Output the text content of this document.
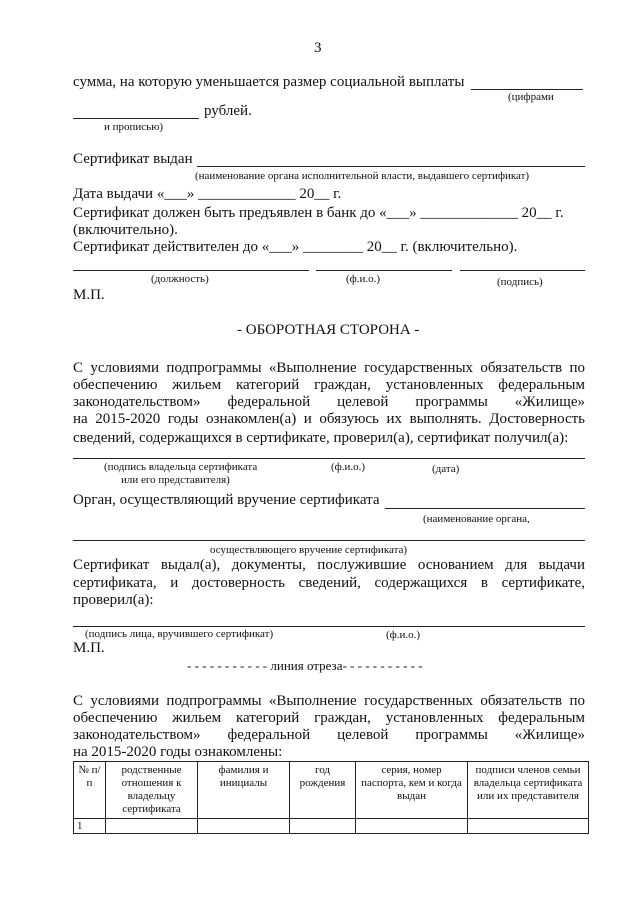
3
сумма, на которую уменьшается размер социальной выплаты
(цифрами
рублей.
и прописью)
Сертификат выдан
(наименование органа исполнительной власти, выдавшего сертификат)
Дата выдачи «___» _____________ 20__ г.
Сертификат должен быть предъявлен в банк до «___» _____________ 20__ г.
(включительно).
Сертификат действителен до «___» ________ 20__ г. (включительно).
(должность)	(ф.и.о.)	(подпись)
М.П.
- ОБОРОТНАЯ СТОРОНА -
С условиями подпрограммы «Выполнение государственных обязательств по
обеспечению жильем категорий граждан, установленных федеральным
законодательством» федеральной целевой программы «Жилище»
на 2015-2020 годы ознакомлен(а) и обязуюсь их выполнять. Достоверность
сведений, содержащихся в сертификате, проверил(а), сертификат получил(а):
(подпись владельца сертификата
или его представителя)
(ф.и.о.)	(дата)
Орган, осуществляющий вручение сертификата
(наименование органа,
осуществляющего вручение сертификата)
Сертификат выдал(а), документы, послужившие основанием для выдачи
сертификата, и достоверность сведений, содержащихся в сертификате,
проверил(а):
(подпись лица, вручившего сертификат)	(ф.и.о.)
М.П.
- - - - - - - - - - - линия отреза- - - - - - - - - - -
С условиями подпрограммы «Выполнение государственных обязательств по
обеспечению жильем категорий граждан, установленных федеральным
законодательством» федеральной целевой программы «Жилище»
на 2015-2020 годы ознакомлены:
№ п/п	родственные отношения к владельцу сертификата	фамилия и инициалы	год рождения	серия, номер паспорта, кем и когда выдан	подписи членов семьи владельца сертификата или их представителя
1					
